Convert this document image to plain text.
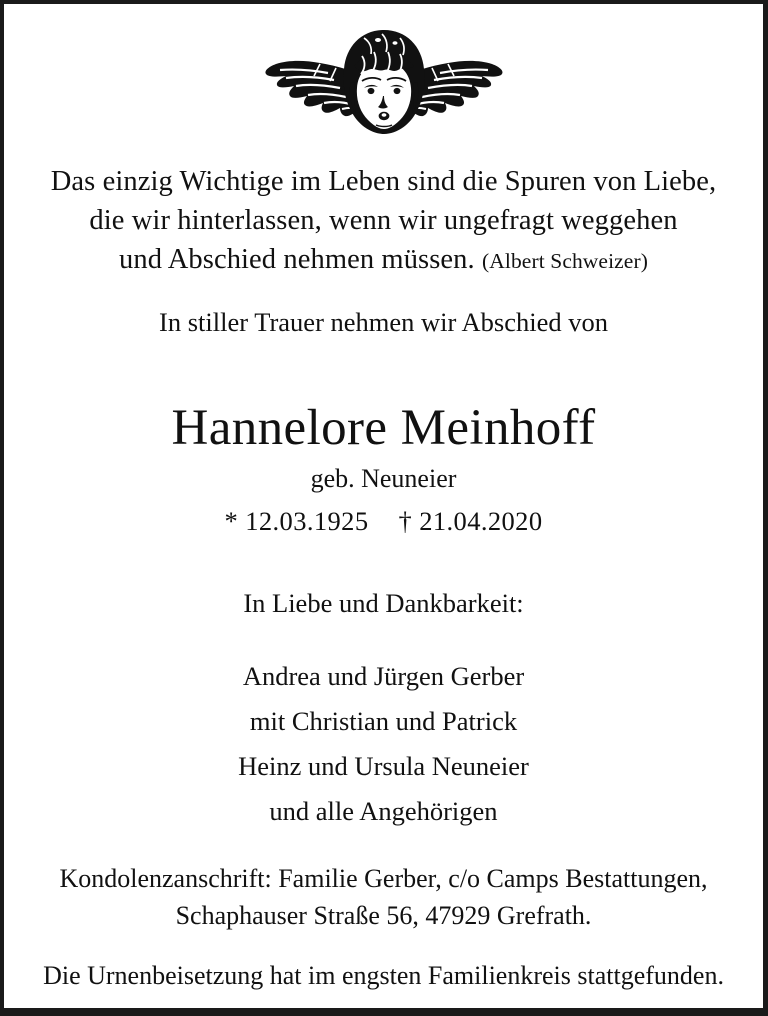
Das einzig Wichtige im Leben sind die Spuren von Liebe,
die wir hinterlassen, wenn wir ungefragt weggehen
und Abschied nehmen müssen. (Albert Schweizer)
In stiller Trauer nehmen wir Abschied von
Hannelore Meinhoff
geb. Neuneier
* 12.03.1925 † 21.04.2020
In Liebe und Dankbarkeit:
Andrea und Jürgen Gerber
mit Christian und Patrick
Heinz und Ursula Neuneier
und alle Angehörigen
Kondolenzanschrift: Familie Gerber, c/o Camps Bestattungen,
Schaphauser Straße 56, 47929 Grefrath.
Die Urnenbeisetzung hat im engsten Familienkreis stattgefunden.
